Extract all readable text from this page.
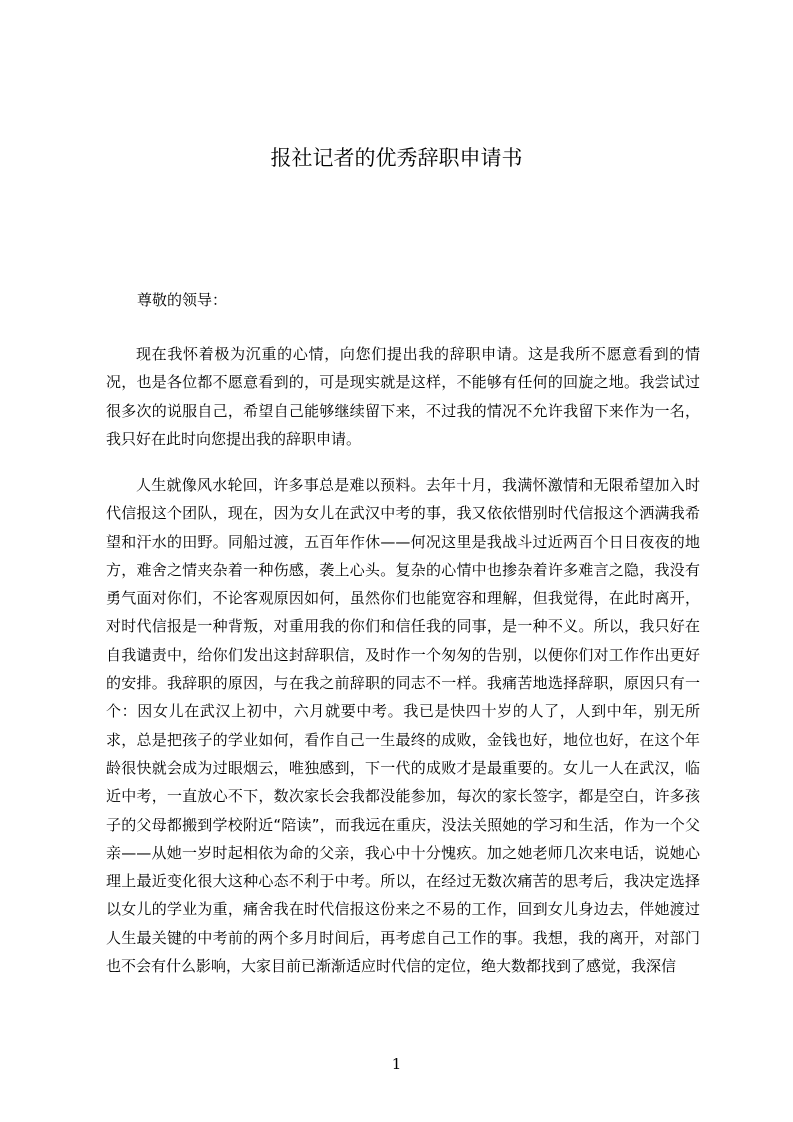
报社记者的优秀辞职申请书

尊敬的领导：

现在我怀着极为沉重的心情，向您们提出我的辞职申请。这是我所不愿意看到的情况，也是各位都不愿意看到的，可是现实就是这样，不能够有任何的回旋之地。我尝试过很多次的说服自己，希望自己能够继续留下来，不过我的情况不允许我留下来作为一名，我只好在此时向您提出我的辞职申请。

人生就像风水轮回，许多事总是难以预料。去年十月，我满怀激情和无限希望加入时代信报这个团队，现在，因为女儿在武汉中考的事，我又依依惜别时代信报这个洒满我希望和汗水的田野。同船过渡，五百年作休——何况这里是我战斗过近两百个日日夜夜的地方，难舍之情夹杂着一种伤感，袭上心头。复杂的心情中也掺杂着许多难言之隐，我没有勇气面对你们，不论客观原因如何，虽然你们也能宽容和理解，但我觉得，在此时离开，对时代信报是一种背叛，对重用我的你们和信任我的同事，是一种不义。所以，我只好在自我谴责中，给你们发出这封辞职信，及时作一个匆匆的告别，以便你们对工作作出更好的安排。我辞职的原因，与在我之前辞职的同志不一样。我痛苦地选择辞职，原因只有一个：因女儿在武汉上初中，六月就要中考。我已是快四十岁的人了，人到中年，别无所求，总是把孩子的学业如何，看作自己一生最终的成败，金钱也好，地位也好，在这个年龄很快就会成为过眼烟云，唯独感到，下一代的成败才是最重要的。女儿一人在武汉，临近中考，一直放心不下，数次家长会我都没能参加，每次的家长签字，都是空白，许多孩子的父母都搬到学校附近“陪读”，而我远在重庆，没法关照她的学习和生活，作为一个父亲——从她一岁时起相依为命的父亲，我心中十分愧疚。加之她老师几次来电话，说她心理上最近变化很大这种心态不利于中考。所以，在经过无数次痛苦的思考后，我决定选择以女儿的学业为重，痛舍我在时代信报这份来之不易的工作，回到女儿身边去，伴她渡过人生最关键的中考前的两个多月时间后，再考虑自己工作的事。我想，我的离开，对部门也不会有什么影响，大家目前已渐渐适应时代信的定位，绝大数都找到了感觉，我深信

1
